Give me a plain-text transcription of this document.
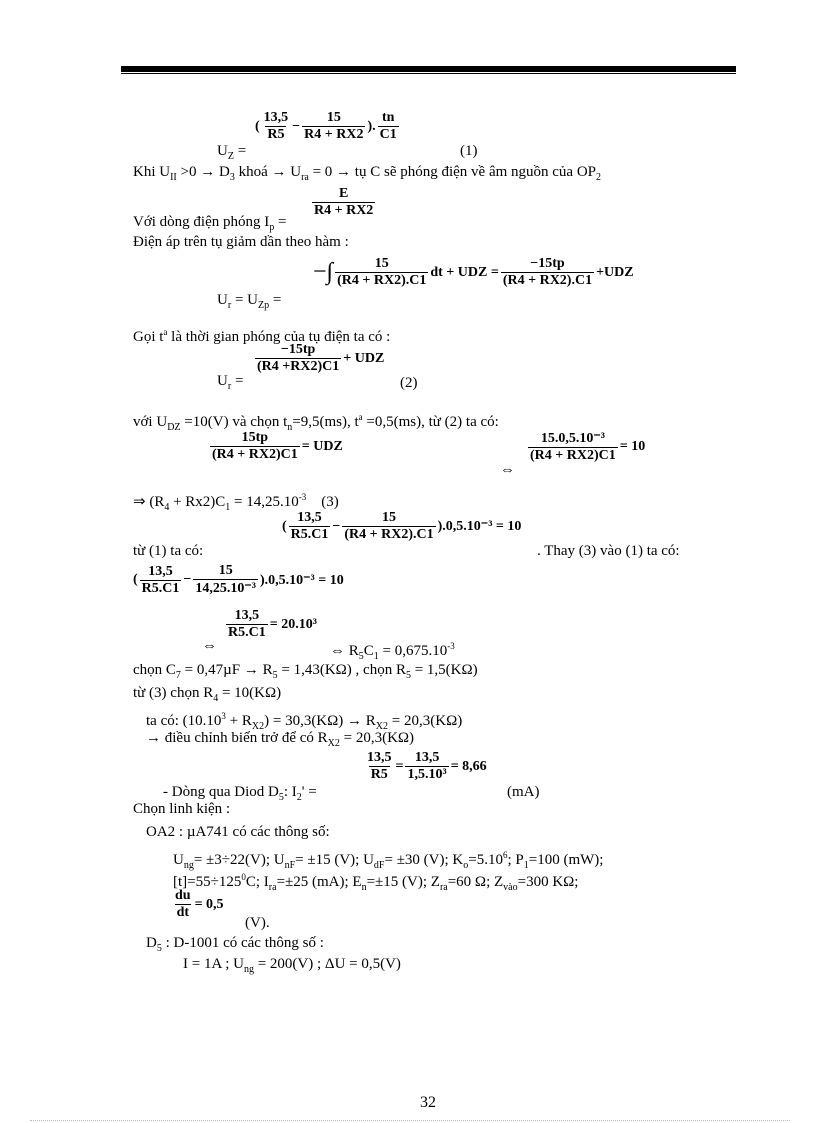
(
13,5
R5
−
15
R4 + RX2
).
tn
C1
$U_Z$ =	(1)
Khi $U_{II} >0 \to D_3$ khoá → $U_{ra} = 0$ → tụ C sẽ phóng điện về âm nguồn của $OP_2$
E
R4 + RX2
Với dòng điện phóng $I_p$ =
Điện áp trên tụ giảm dần theo hàm :
−∫	15
(R4 + RX2).C1
dt + UDZ = $\frac{-15tp}{(R4 + RX2).C1} +UDZ$
$U_r = U_{Zp}$ =
Gọi $t^a$ là thời gian phóng của tụ điện ta có :
−15tp
(R4 +RX2)C1
+ UDZ
$U_r$ =	(2)
với $U_{DZ} =10(V)$ và chọn $t_n=9,5(ms)$, $t^a =0,5(ms)$, từ (2) ta có:
$\frac{15tp}{(R4 + RX2)C1}$ = UDZ	$\frac{\text{15.0,5.10⁻³}}{(R4 + RX2)C1} = 10$
⇔
⇒ $(R_4 + Rx2)C_1 = 14,25.10^{-3}$ (3)
(
13,5
R5.C1
−
15
(R4 + RX2).C1
).0,5.10⁻³ = 10
từ (1) ta có:	. Thay (3) vào (1) ta có:
(
13,5
R5.C1
−
15
14,25.10⁻³
).0,5.10⁻³ = 10
$\frac{13,5}{R5.C1} = 20.10^3$
⇔	⇔ $R_5C_1 = 0,675.10^{-3}$
chọn $C_7 = 0,47\mu F \to R_5 = 1,43(K\Omega)$ , chọn $R_5 = 1,5(K\Omega)$
từ (3) chọn $R_4 = 10(K\Omega)$
ta có: $(10.10^3 + R_{X2}) = 30,3(K\Omega) \to R_{X2} = 20,3(K\Omega)$
→ điều chỉnh biến trở để có $R_{X2} = 20,3(K\Omega)$
13,5
R5
= $\frac{13,5}{\text{1,5.10³}} = 8,66$
- Dòng qua Diod $D_5$: $I_2'$ =	(mA)
Chọn linh kiện :
OA2 : µA741 có các thông số:
$U_{ng}= \pm 3\div 22(V)$; $U_{nF}= \pm 15$ (V); $U_{dF}= \pm 30$ (V); $K_o=5.10^6$; $P_1=100$ (mW);
$[t]=55\div 125^0C$; $I_{ra}=\pm 25$ (mA); $E_n=\pm 15$ (V); $Z_{ra}=60$ Ω; $Z_{vào}=300$ KΩ;
$\frac{du}{dt} = 0,5$
(V).
$D_5$ : D-1001 có các thông số :
I = 1A ; $U_{ng} = 200(V)$ ; ΔU = 0,5(V)
32
